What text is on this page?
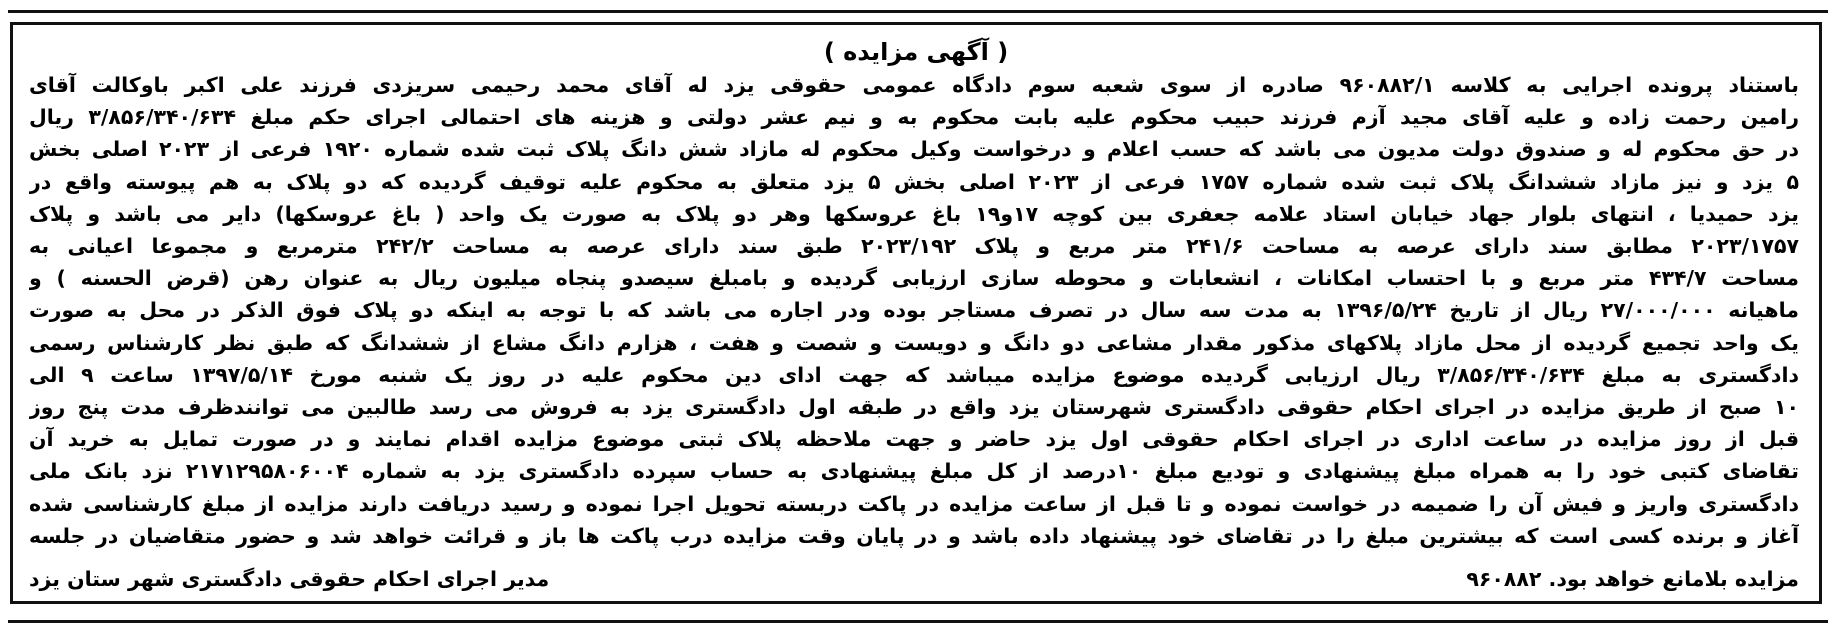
( آگهی مزایده )
باستناد پرونده اجرایی به کلاسه ۹۶۰۸۸۲/۱ صادره از سوی شعبه سوم دادگاه عمومی حقوقی یزد له آقای محمد رحیمی سریزدی فرزند علی اکبر باوکالت آقای
رامین رحمت زاده و علیه آقای مجید آزم فرزند حبیب محکوم علیه بابت محکوم به و نیم عشر دولتی و هزینه های احتمالی اجرای حکم مبلغ ۳/۸۵۶/۳۴۰/۶۳۴ ریال
در حق محکوم له و صندوق دولت مدیون می باشد که حسب اعلام و درخواست وکیل محکوم له مازاد شش دانگ پلاک ثبت شده شماره ۱۹۲۰ فرعی از ۲۰۲۳ اصلی بخش
۵ یزد و نیز مازاد ششدانگ پلاک ثبت شده شماره ۱۷۵۷ فرعی از ۲۰۲۳ اصلی بخش ۵ یزد متعلق به محکوم علیه توقیف گردیده که دو پلاک به هم پیوسته واقع در
یزد حمیدیا ، انتهای بلوار جهاد خیابان استاد علامه جعفری بین کوچه ۱۷و۱۹ باغ عروسکها وهر دو پلاک به صورت یک واحد ( باغ عروسکها) دایر می باشد و پلاک
۲۰۲۳/۱۷۵۷ مطابق سند دارای عرصه به مساحت ۲۴۱/۶ متر مربع و پلاک ۲۰۲۳/۱۹۲ طبق سند دارای عرصه به مساحت ۲۴۲/۲ مترمربع و مجموعا اعیانی به
مساحت ۴۳۴/۷ متر مربع و با احتساب امکانات ، انشعابات و محوطه سازی ارزیابی گردیده و بامبلغ سیصدو پنجاه میلیون ریال به عنوان رهن (قرض الحسنه ) و
ماهیانه ۲۷/۰۰۰/۰۰۰ ریال از تاریخ ۱۳۹۶/۵/۲۴ به مدت سه سال در تصرف مستاجر بوده ودر اجاره می باشد که با توجه به اینکه دو پلاک فوق الذکر در محل به صورت
یک واحد تجمیع گردیده از محل مازاد پلاکهای مذکور مقدار مشاعی دو دانگ و دویست و شصت و هفت ، هزارم دانگ مشاع از ششدانگ که طبق نظر کارشناس رسمی
دادگستری به مبلغ ۳/۸۵۶/۳۴۰/۶۳۴ ریال ارزیابی گردیده موضوع مزایده میباشد که جهت ادای دین محکوم علیه در روز یک شنبه مورخ ۱۳۹۷/۵/۱۴ ساعت ۹ الی
۱۰ صبح از طریق مزایده در اجرای احکام حقوقی دادگستری شهرستان یزد واقع در طبقه اول دادگستری یزد به فروش می رسد طالبین می توانندظرف مدت پنج روز
قبل از روز مزایده در ساعت اداری در اجرای احکام حقوقی اول یزد حاضر و جهت ملاحظه پلاک ثبتی موضوع مزایده اقدام نمایند و در صورت تمایل به خرید آن
تقاضای کتبی خود را به همراه مبلغ پیشنهادی و تودیع مبلغ ۱۰درصد از کل مبلغ پیشنهادی به حساب سپرده دادگستری یزد به شماره ۲۱۷۱۲۹۵۸۰۶۰۰۴ نزد بانک ملی
دادگستری واریز و فیش آن را ضمیمه در خواست نموده و تا قبل از ساعت مزایده در پاکت دربسته تحویل اجرا نموده و رسید دریافت دارند مزایده از مبلغ کارشناسی شده
آغاز و برنده کسی است که بیشترین مبلغ را در تقاضای خود پیشنهاد داده باشد و در پایان وقت مزایده درب پاکت ها باز و قرائت خواهد شد و حضور متقاضیان در جلسه
مزایده بلامانع خواهد بود. ۹۶۰۸۸۲
مدیر اجرای احکام حقوقی دادگستری شهر ستان یزد
